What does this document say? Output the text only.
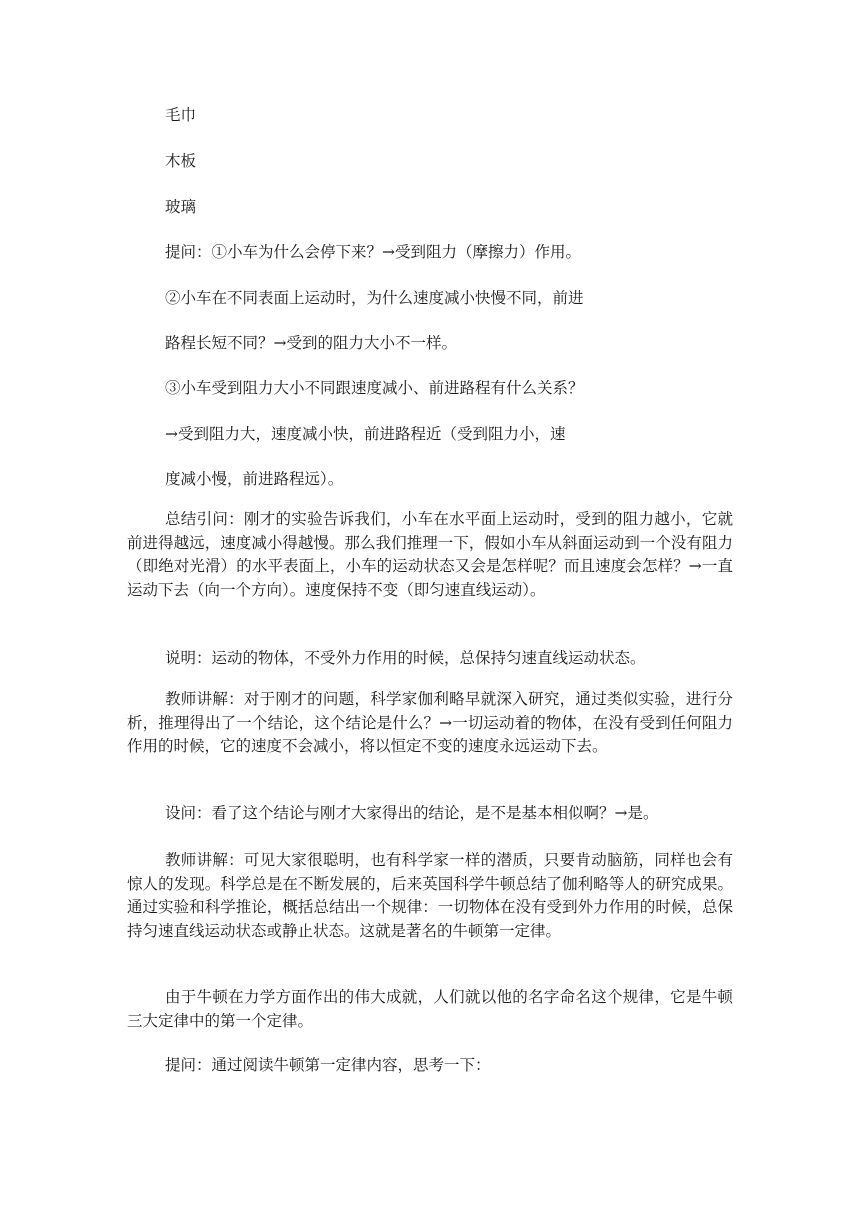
毛巾
木板
玻璃
提问：①小车为什么会停下来？→受到阻力（摩擦力）作用。
②小车在不同表面上运动时，为什么速度减小快慢不同，前进
路程长短不同？→受到的阻力大小不一样。
③小车受到阻力大小不同跟速度减小、前进路程有什么关系？
→受到阻力大，速度减小快，前进路程近（受到阻力小，速
度减小慢，前进路程远）。

总结引问：刚才的实验告诉我们，小车在水平面上运动时，受到的阻力越小，它就前进得越远，速度减小得越慢。那么我们推理一下，假如小车从斜面运动到一个没有阻力（即绝对光滑）的水平表面上，小车的运动状态又会是怎样呢？而且速度会怎样？→一直运动下去（向一个方向）。速度保持不变（即匀速直线运动）。

说明：运动的物体，不受外力作用的时候，总保持匀速直线运动状态。

教师讲解：对于刚才的问题，科学家伽利略早就深入研究，通过类似实验，进行分析，推理得出了一个结论，这个结论是什么？→一切运动着的物体，在没有受到任何阻力作用的时候，它的速度不会减小，将以恒定不变的速度永远运动下去。

设问：看了这个结论与刚才大家得出的结论，是不是基本相似啊？→是。

教师讲解：可见大家很聪明，也有科学家一样的潜质，只要肯动脑筋，同样也会有惊人的发现。科学总是在不断发展的，后来英国科学牛顿总结了伽利略等人的研究成果。通过实验和科学推论，概括总结出一个规律：一切物体在没有受到外力作用的时候，总保持匀速直线运动状态或静止状态。这就是著名的牛顿第一定律。

由于牛顿在力学方面作出的伟大成就，人们就以他的名字命名这个规律，它是牛顿三大定律中的第一个定律。

提问：通过阅读牛顿第一定律内容，思考一下：
